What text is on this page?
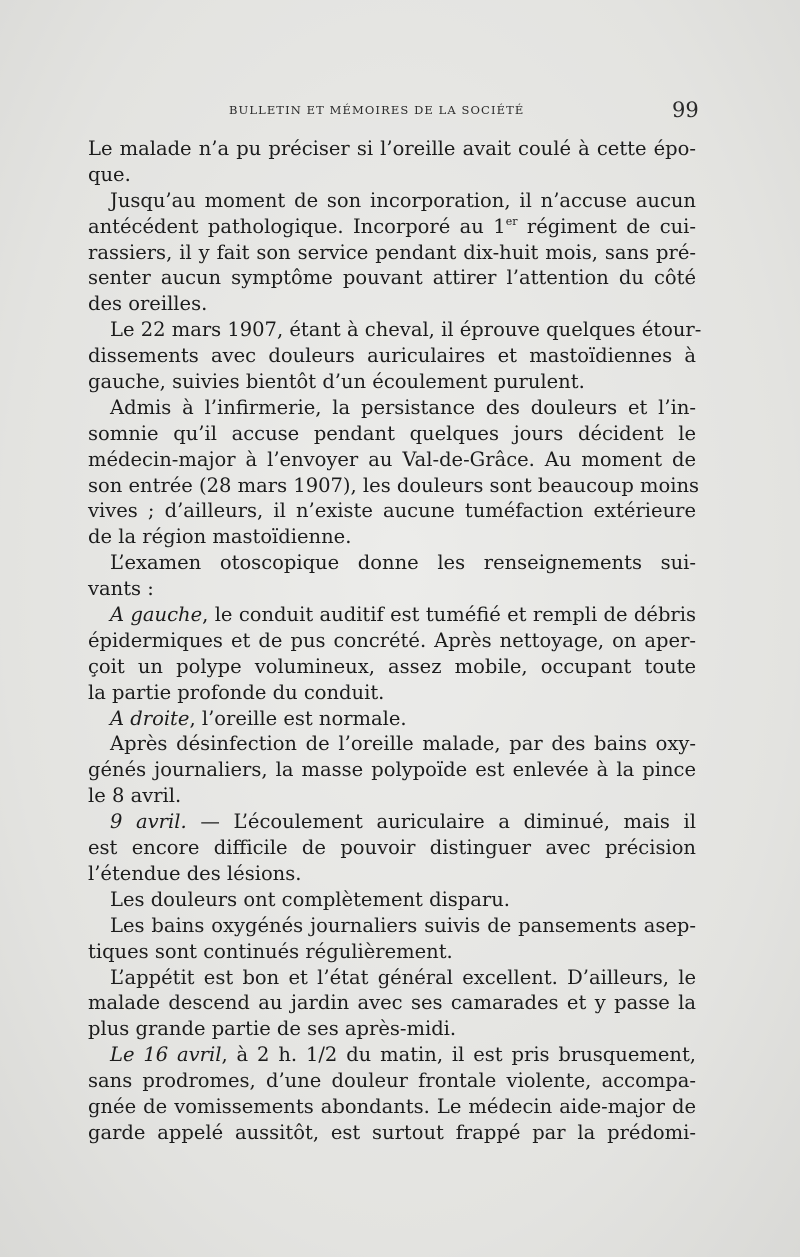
BULLETIN ET MÉMOIRES DE LA SOCIÉTÉ	99
Le malade n’a pu préciser si l’oreille avait coulé à cette épo-
que.
Jusqu’au moment de son incorporation, il n’accuse aucun
antécédent pathologique. Incorporé au 1er régiment de cui-
rassiers, il y fait son service pendant dix-huit mois, sans pré-
senter aucun symptôme pouvant attirer l’attention du côté
des oreilles.
Le 22 mars 1907, étant à cheval, il éprouve quelques étour-
dissements avec douleurs auriculaires et mastoïdiennes à
gauche, suivies bientôt d’un écoulement purulent.
Admis à l’infirmerie, la persistance des douleurs et l’in-
somnie qu’il accuse pendant quelques jours décident le
médecin-major à l’envoyer au Val-de-Grâce. Au moment de
son entrée (28 mars 1907), les douleurs sont beaucoup moins
vives ; d’ailleurs, il n’existe aucune tuméfaction extérieure
de la région mastoïdienne.
L’examen otoscopique donne les renseignements sui-
vants :
A gauche, le conduit auditif est tuméfié et rempli de débris
épidermiques et de pus concrété. Après nettoyage, on aper-
çoit un polype volumineux, assez mobile, occupant toute
la partie profonde du conduit.
A droite, l’oreille est normale.
Après désinfection de l’oreille malade, par des bains oxy-
génés journaliers, la masse polypoïde est enlevée à la pince
le 8 avril.
9 avril. — L’écoulement auriculaire a diminué, mais il
est encore difficile de pouvoir distinguer avec précision
l’étendue des lésions.
Les douleurs ont complètement disparu.
Les bains oxygénés journaliers suivis de pansements asep-
tiques sont continués régulièrement.
L’appétit est bon et l’état général excellent. D’ailleurs, le
malade descend au jardin avec ses camarades et y passe la
plus grande partie de ses après-midi.
Le 16 avril, à 2 h. 1/2 du matin, il est pris brusquement,
sans prodromes, d’une douleur frontale violente, accompa-
gnée de vomissements abondants. Le médecin aide-major de
garde appelé aussitôt, est surtout frappé par la prédomi-
